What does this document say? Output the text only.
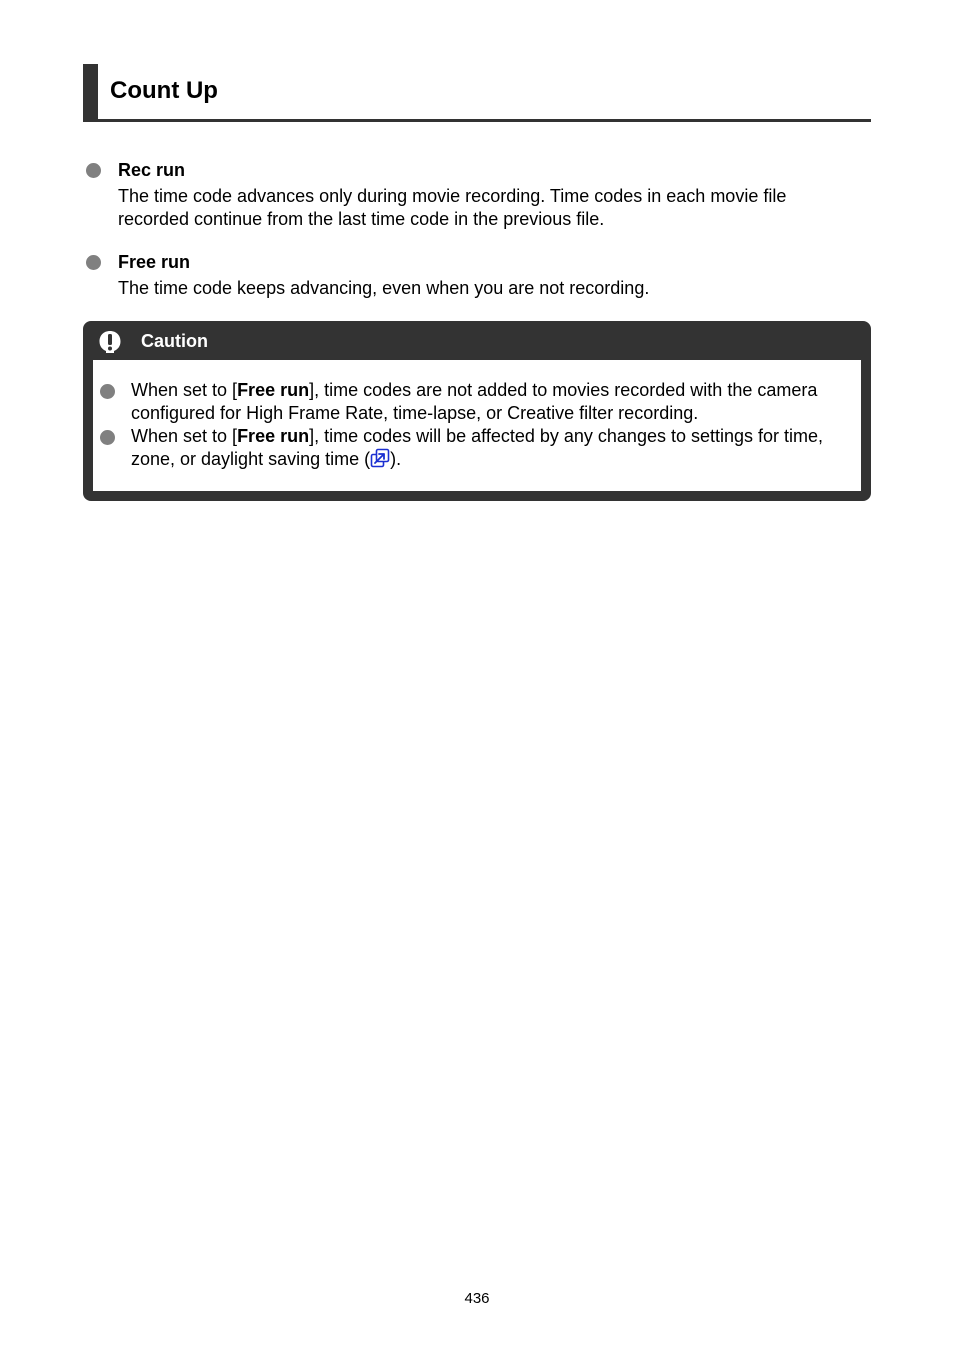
Count Up
Rec run
The time code advances only during movie recording. Time codes in each movie file recorded continue from the last time code in the previous file.
Free run
The time code keeps advancing, even when you are not recording.
Caution
When set to [Free run], time codes are not added to movies recorded with the camera configured for High Frame Rate, time-lapse, or Creative filter recording.
When set to [Free run], time codes will be affected by any changes to settings for time, zone, or daylight saving time ( ).
436
